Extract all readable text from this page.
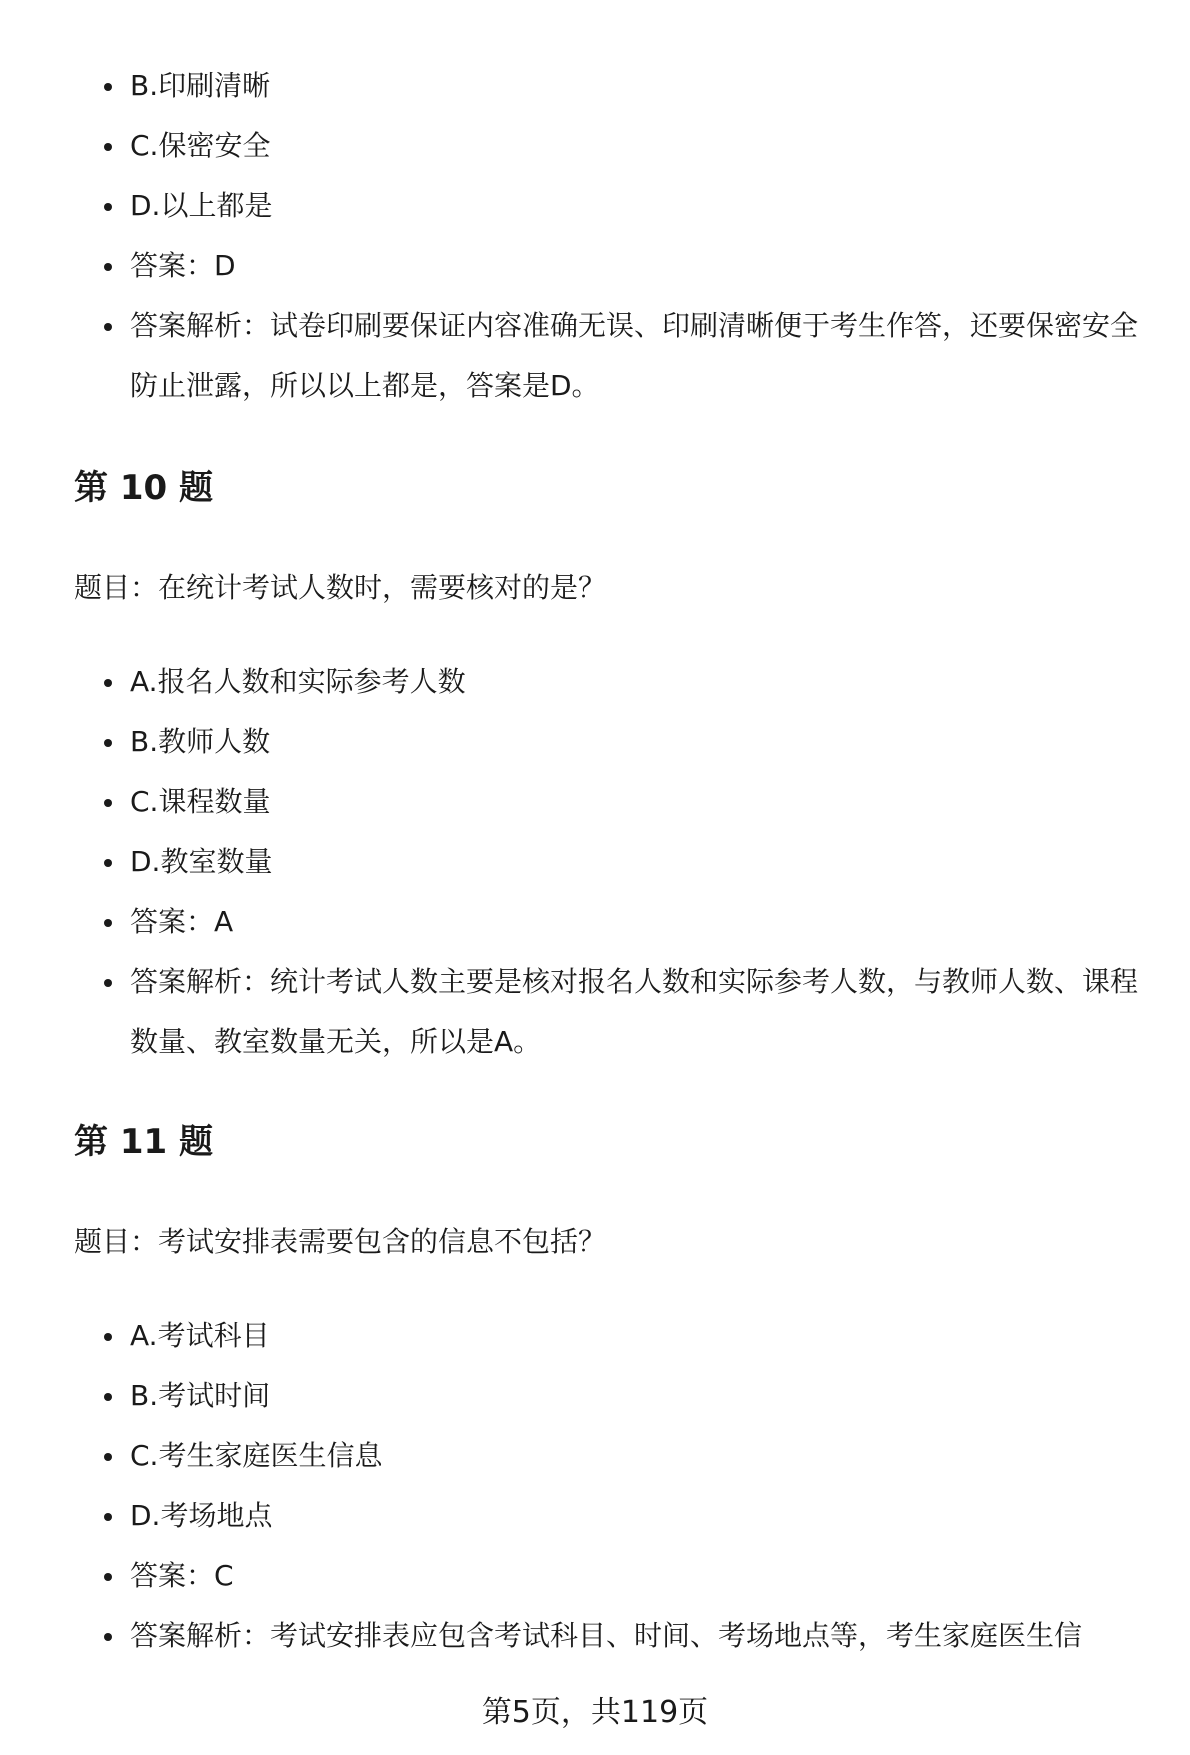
B.印刷清晰
C.保密安全
D.以上都是
答案：D
答案解析：试卷印刷要保证内容准确无误、印刷清晰便于考生作答，还要保密安全防止泄露，所以以上都是，答案是D。
第 10 题
题目：在统计考试人数时，需要核对的是？
A.报名人数和实际参考人数
B.教师人数
C.课程数量
D.教室数量
答案：A
答案解析：统计考试人数主要是核对报名人数和实际参考人数，与教师人数、课程数量、教室数量无关，所以是A。
第 11 题
题目：考试安排表需要包含的信息不包括？
A.考试科目
B.考试时间
C.考生家庭医生信息
D.考场地点
答案：C
答案解析：考试安排表应包含考试科目、时间、考场地点等，考生家庭医生信
第5页，共119页
